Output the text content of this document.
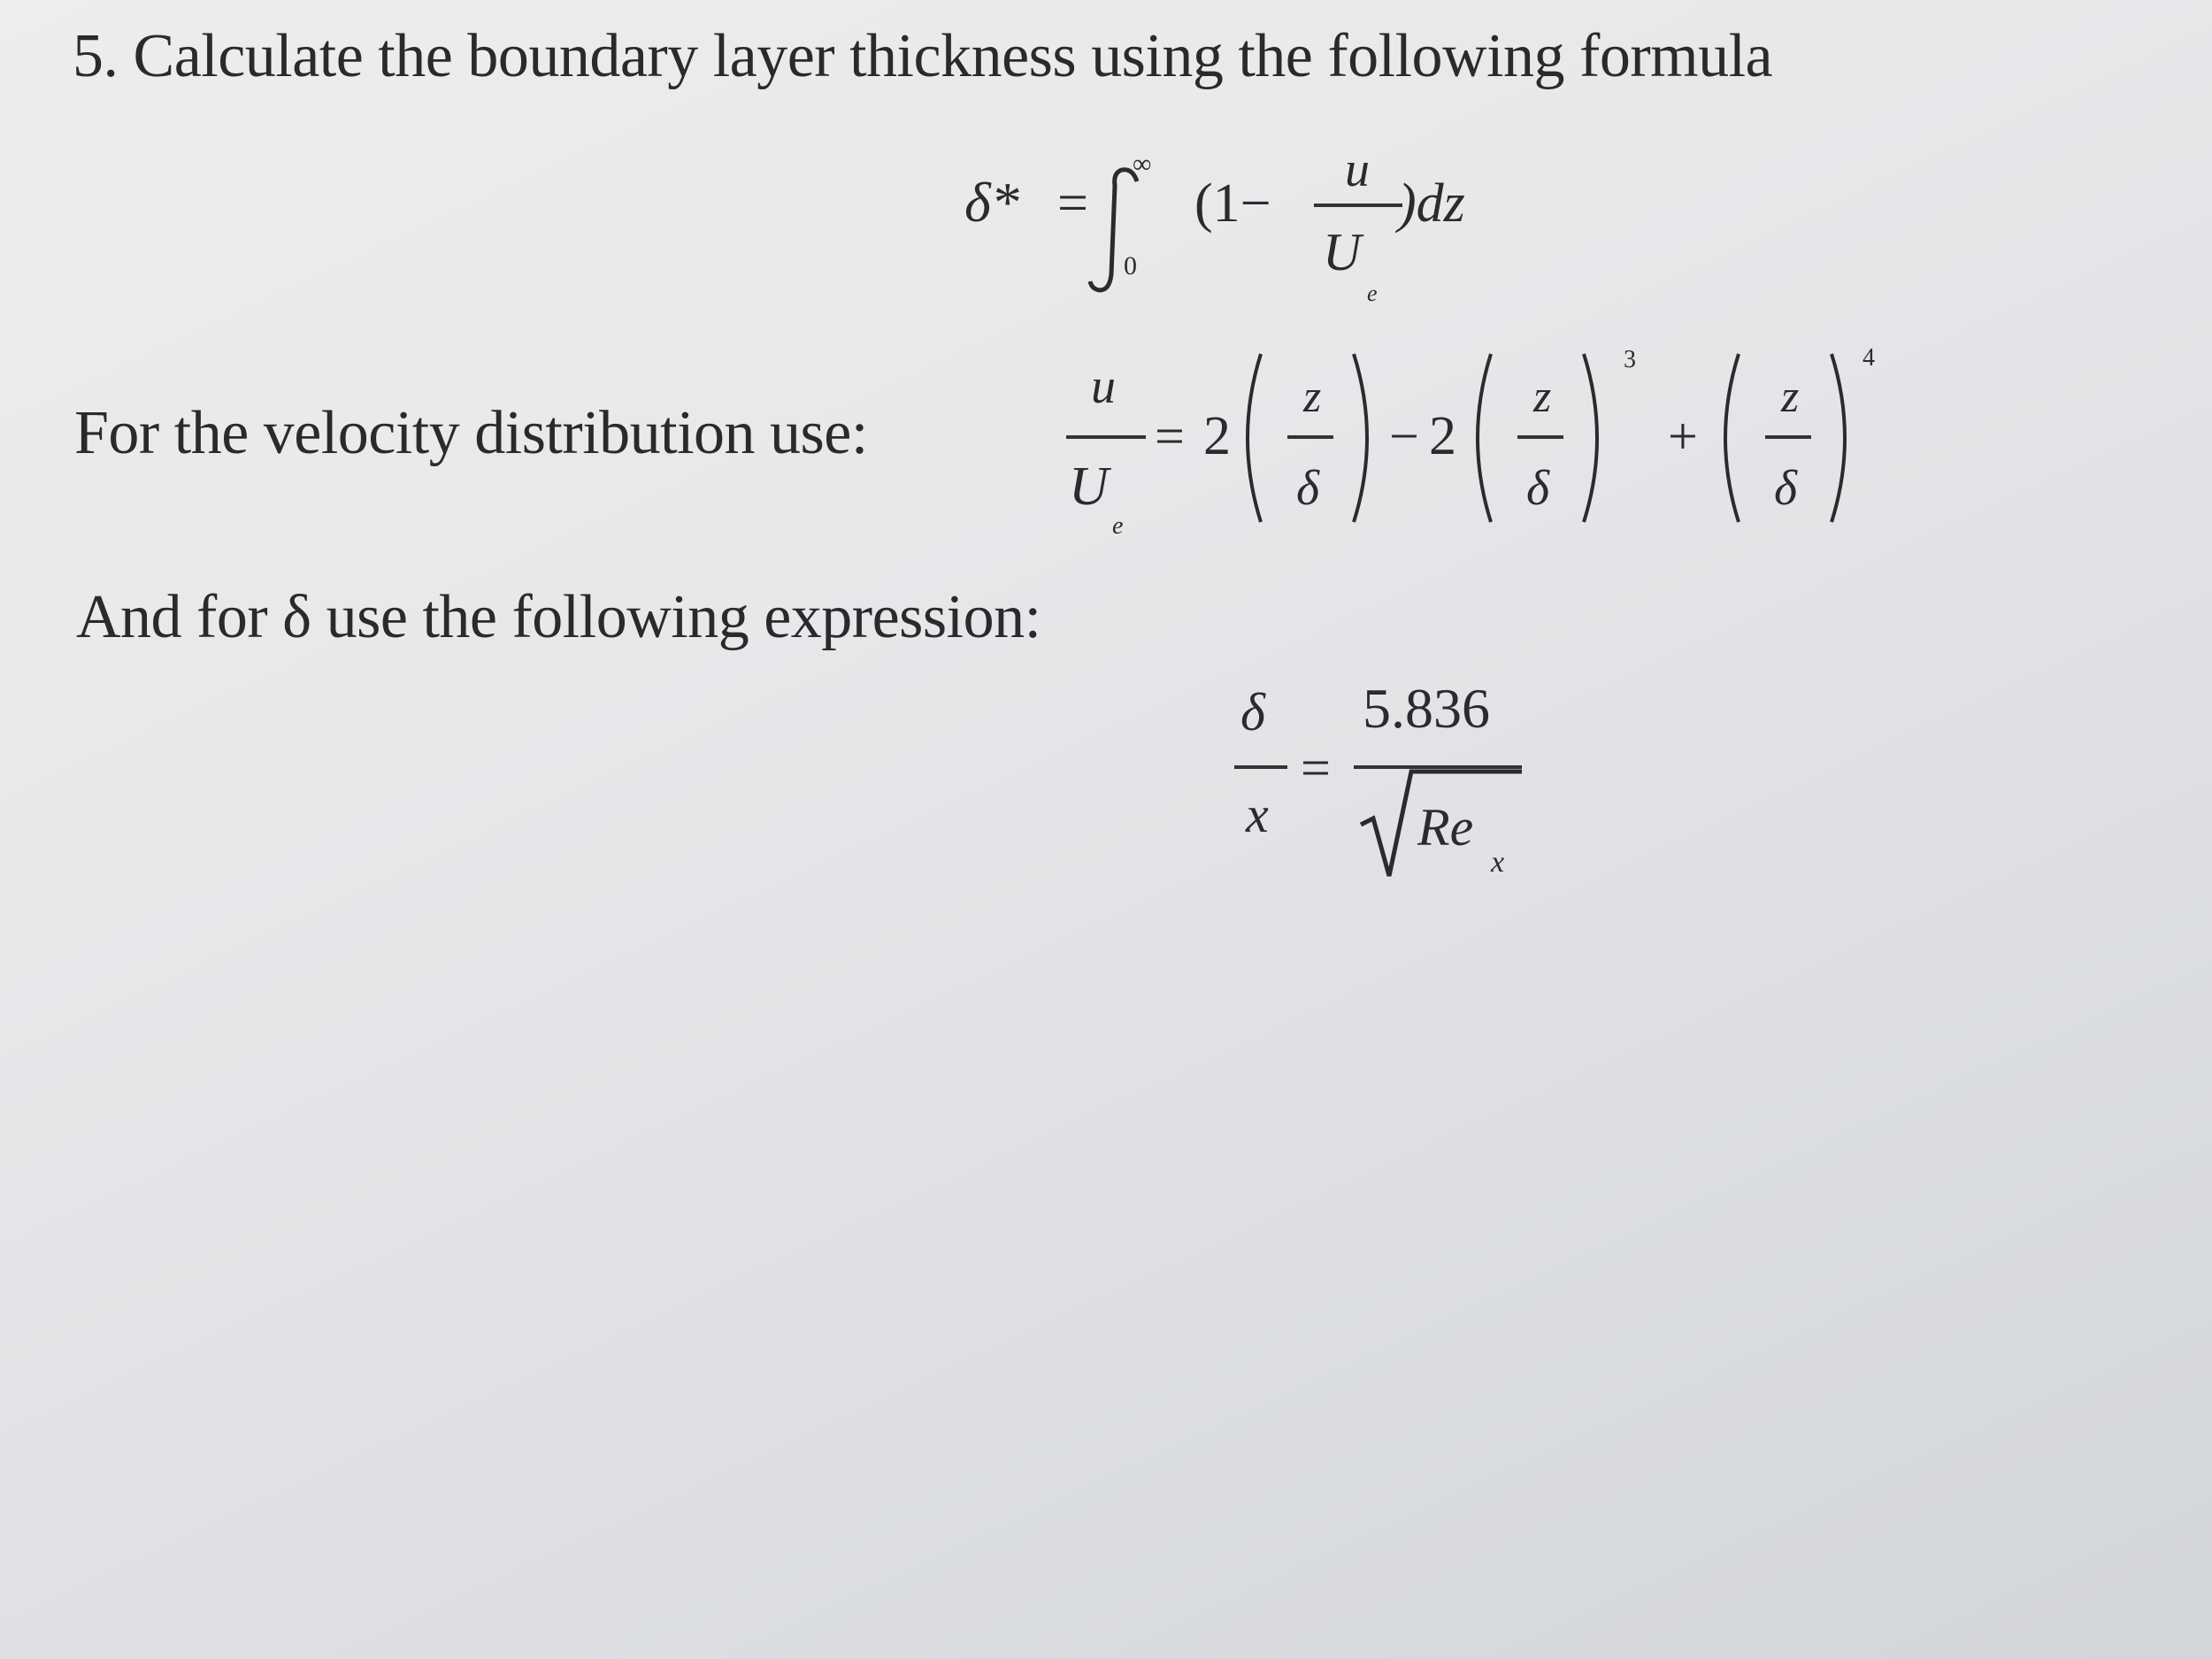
5. Calculate the boundary layer thickness using the following formula
δ* =
∞
0
(1−
u
U
e
)dz
For the velocity distribution use:
u
U
e
= 2
z
δ
− 2
z
δ
3
+
z
δ
4
And for δ use the following expression:
δ
x
=
5.836
Re
x
